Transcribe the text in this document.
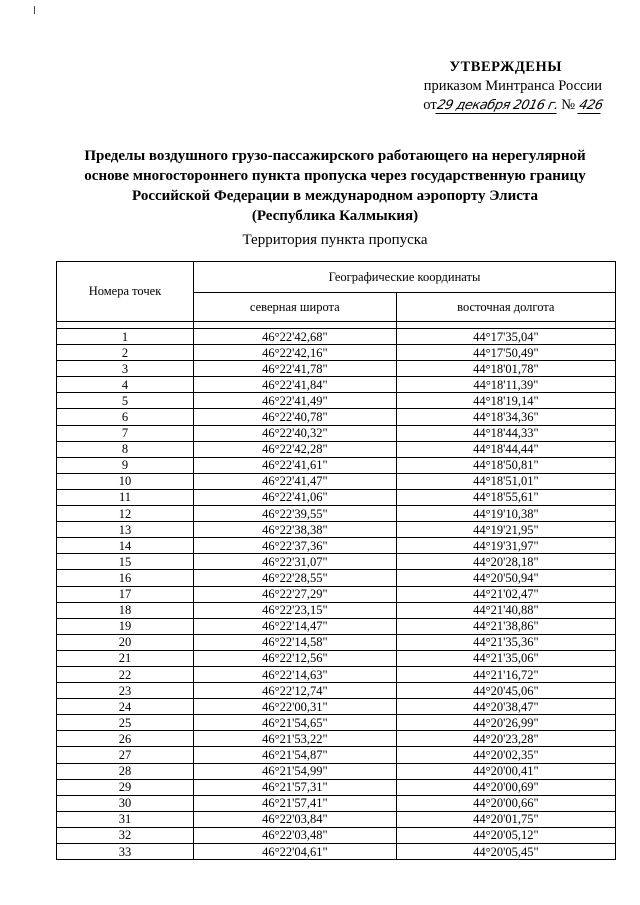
УТВЕРЖДЕНЫ
приказом Минтранса России
от29 декабря 2016 г. № 426
Пределы воздушного грузо-пассажирского работающего на нерегулярной
основе многостороннего пункта пропуска через государственную границу
Российской Федерации в международном аэропорту Элиста
(Республика Калмыкия)
Территория пункта пропуска
Номера точек	Географические координаты	
	северная широта	восточная долгота

1	46°22'42,68"	44°17'35,04"
2	46°22'42,16"	44°17'50,49"
3	46°22'41,78"	44°18'01,78"
4	46°22'41,84"	44°18'11,39"
5	46°22'41,49"	44°18'19,14"
6	46°22'40,78"	44°18'34,36"
7	46°22'40,32"	44°18'44,33"
8	46°22'42,28"	44°18'44,44"
9	46°22'41,61"	44°18'50,81"
10	46°22'41,47"	44°18'51,01"
11	46°22'41,06"	44°18'55,61"
12	46°22'39,55"	44°19'10,38"
13	46°22'38,38"	44°19'21,95"
14	46°22'37,36"	44°19'31,97"
15	46°22'31,07"	44°20'28,18"
16	46°22'28,55"	44°20'50,94"
17	46°22'27,29"	44°21'02,47"
18	46°22'23,15"	44°21'40,88"
19	46°22'14,47"	44°21'38,86"
20	46°22'14,58"	44°21'35,36"
21	46°22'12,56"	44°21'35,06"
22	46°22'14,63"	44°21'16,72"
23	46°22'12,74"	44°20'45,06"
24	46°22'00,31"	44°20'38,47"
25	46°21'54,65"	44°20'26,99"
26	46°21'53,22"	44°20'23,28"
27	46°21'54,87"	44°20'02,35"
28	46°21'54,99"	44°20'00,41"
29	46°21'57,31"	44°20'00,69"
30	46°21'57,41"	44°20'00,66"
31	46°22'03,84"	44°20'01,75"
32	46°22'03,48"	44°20'05,12"
33	46°22'04,61"	44°20'05,45"
